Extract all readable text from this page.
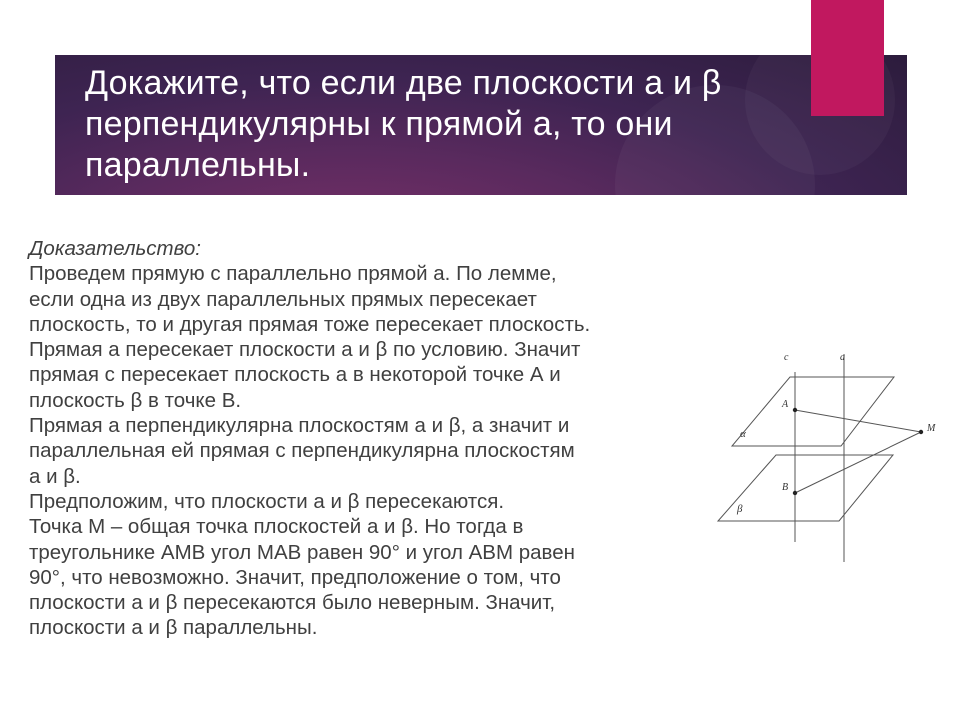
Докажите, что если две плоскости а и β
перпендикулярны к прямой а, то они
параллельны.
Доказательство:
Проведем прямую с параллельно прямой а. По лемме,
если одна из двух параллельных прямых пересекает
плоскость, то и другая прямая тоже пересекает плоскость.
Прямая а пересекает плоскости а и β по условию. Значит
прямая с пересекает плоскость а в некоторой точке А и
плоскость β в точке В.
Прямая а перпендикулярна плоскостям а и β, а значит и
параллельная ей прямая с перпендикулярна плоскостям
а и β.
Предположим, что плоскости а и β пересекаются.
Точка М – общая точка плоскостей а и β. Но тогда в
треугольнике АМВ угол МАВ равен 90° и угол АВМ равен
90°, что невозможно. Значит, предположение о том, что
плоскости а и β пересекаются было неверным. Значит,
плоскости а и β параллельны.
c	a
A
B
M
α
β
